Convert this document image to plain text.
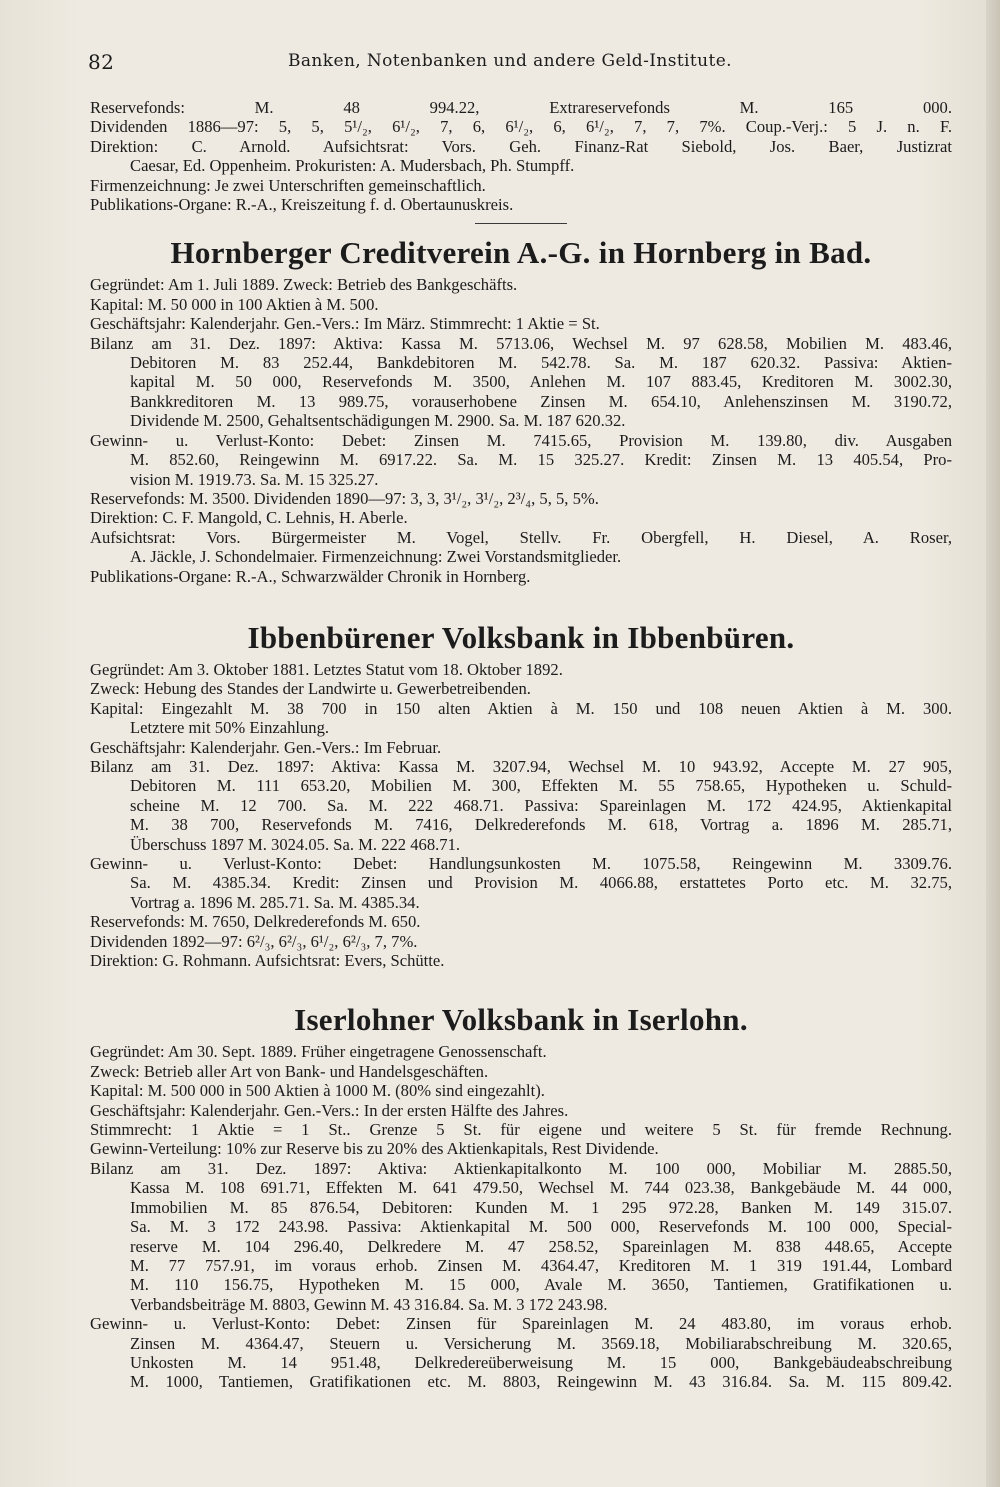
82	Banken, Notenbanken und andere Geld-Institute.
Reservefonds: M. 48 994.22, Extrareservefonds M. 165 000.
Dividenden 1886—97: 5, 5, 5¹/₂, 6¹/₂, 7, 6, 6¹/₂, 6, 6¹/₂, 7, 7, 7%. Coup.-Verj.: 5 J. n. F.
Direktion: C. Arnold. Aufsichtsrat: Vors. Geh. Finanz-Rat Siebold, Jos. Baer, Justizrat
Caesar, Ed. Oppenheim. Prokuristen: A. Mudersbach, Ph. Stumpff.
Firmenzeichnung: Je zwei Unterschriften gemeinschaftlich.
Publikations-Organe: R.-A., Kreiszeitung f. d. Obertaunuskreis.
Hornberger Creditverein A.-G. in Hornberg in Bad.
Gegründet: Am 1. Juli 1889. Zweck: Betrieb des Bankgeschäfts.
Kapital: M. 50 000 in 100 Aktien à M. 500.
Geschäftsjahr: Kalenderjahr. Gen.-Vers.: Im März. Stimmrecht: 1 Aktie = St.
Bilanz am 31. Dez. 1897: Aktiva: Kassa M. 5713.06, Wechsel M. 97 628.58, Mobilien M. 483.46,
Debitoren M. 83 252.44, Bankdebitoren M. 542.78. Sa. M. 187 620.32. Passiva: Aktien-
kapital M. 50 000, Reservefonds M. 3500, Anlehen M. 107 883.45, Kreditoren M. 3002.30,
Bankkreditoren M. 13 989.75, vorauserhobene Zinsen M. 654.10, Anlehenszinsen M. 3190.72,
Dividende M. 2500, Gehaltsentschädigungen M. 2900. Sa. M. 187 620.32.
Gewinn- u. Verlust-Konto: Debet: Zinsen M. 7415.65, Provision M. 139.80, div. Ausgaben
M. 852.60, Reingewinn M. 6917.22. Sa. M. 15 325.27. Kredit: Zinsen M. 13 405.54, Pro-
vision M. 1919.73. Sa. M. 15 325.27.
Reservefonds: M. 3500. Dividenden 1890—97: 3, 3, 3¹/₂, 3¹/₂, 2³/₄, 5, 5, 5%.
Direktion: C. F. Mangold, C. Lehnis, H. Aberle.
Aufsichtsrat: Vors. Bürgermeister M. Vogel, Stellv. Fr. Obergfell, H. Diesel, A. Roser,
A. Jäckle, J. Schondelmaier. Firmenzeichnung: Zwei Vorstandsmitglieder.
Publikations-Organe: R.-A., Schwarzwälder Chronik in Hornberg.
Ibbenbürener Volksbank in Ibbenbüren.
Gegründet: Am 3. Oktober 1881. Letztes Statut vom 18. Oktober 1892.
Zweck: Hebung des Standes der Landwirte u. Gewerbetreibenden.
Kapital: Eingezahlt M. 38 700 in 150 alten Aktien à M. 150 und 108 neuen Aktien à M. 300.
Letztere mit 50% Einzahlung.
Geschäftsjahr: Kalenderjahr. Gen.-Vers.: Im Februar.
Bilanz am 31. Dez. 1897: Aktiva: Kassa M. 3207.94, Wechsel M. 10 943.92, Accepte M. 27 905,
Debitoren M. 111 653.20, Mobilien M. 300, Effekten M. 55 758.65, Hypotheken u. Schuld-
scheine M. 12 700. Sa. M. 222 468.71. Passiva: Spareinlagen M. 172 424.95, Aktienkapital
M. 38 700, Reservefonds M. 7416, Delkrederefonds M. 618, Vortrag a. 1896 M. 285.71,
Überschuss 1897 M. 3024.05. Sa. M. 222 468.71.
Gewinn- u. Verlust-Konto: Debet: Handlungsunkosten M. 1075.58, Reingewinn M. 3309.76.
Sa. M. 4385.34. Kredit: Zinsen und Provision M. 4066.88, erstattetes Porto etc. M. 32.75,
Vortrag a. 1896 M. 285.71. Sa. M. 4385.34.
Reservefonds: M. 7650, Delkrederefonds M. 650.
Dividenden 1892—97: 6²/₃, 6²/₃, 6¹/₂, 6²/₃, 7, 7%.
Direktion: G. Rohmann. Aufsichtsrat: Evers, Schütte.
Iserlohner Volksbank in Iserlohn.
Gegründet: Am 30. Sept. 1889. Früher eingetragene Genossenschaft.
Zweck: Betrieb aller Art von Bank- und Handelsgeschäften.
Kapital: M. 500 000 in 500 Aktien à 1000 M. (80% sind eingezahlt).
Geschäftsjahr: Kalenderjahr. Gen.-Vers.: In der ersten Hälfte des Jahres.
Stimmrecht: 1 Aktie = 1 St.. Grenze 5 St. für eigene und weitere 5 St. für fremde Rechnung.
Gewinn-Verteilung: 10% zur Reserve bis zu 20% des Aktienkapitals, Rest Dividende.
Bilanz am 31. Dez. 1897: Aktiva: Aktienkapitalkonto M. 100 000, Mobiliar M. 2885.50,
Kassa M. 108 691.71, Effekten M. 641 479.50, Wechsel M. 744 023.38, Bankgebäude M. 44 000,
Immobilien M. 85 876.54, Debitoren: Kunden M. 1 295 972.28, Banken M. 149 315.07.
Sa. M. 3 172 243.98. Passiva: Aktienkapital M. 500 000, Reservefonds M. 100 000, Special-
reserve M. 104 296.40, Delkredere M. 47 258.52, Spareinlagen M. 838 448.65, Accepte
M. 77 757.91, im voraus erhob. Zinsen M. 4364.47, Kreditoren M. 1 319 191.44, Lombard
M. 110 156.75, Hypotheken M. 15 000, Avale M. 3650, Tantiemen, Gratifikationen u.
Verbandsbeiträge M. 8803, Gewinn M. 43 316.84. Sa. M. 3 172 243.98.
Gewinn- u. Verlust-Konto: Debet: Zinsen für Spareinlagen M. 24 483.80, im voraus erhob.
Zinsen M. 4364.47, Steuern u. Versicherung M. 3569.18, Mobiliarabschreibung M. 320.65,
Unkosten M. 14 951.48, Delkredereüberweisung M. 15 000, Bankgebäudeabschreibung
M. 1000, Tantiemen, Gratifikationen etc. M. 8803, Reingewinn M. 43 316.84. Sa. M. 115 809.42.
